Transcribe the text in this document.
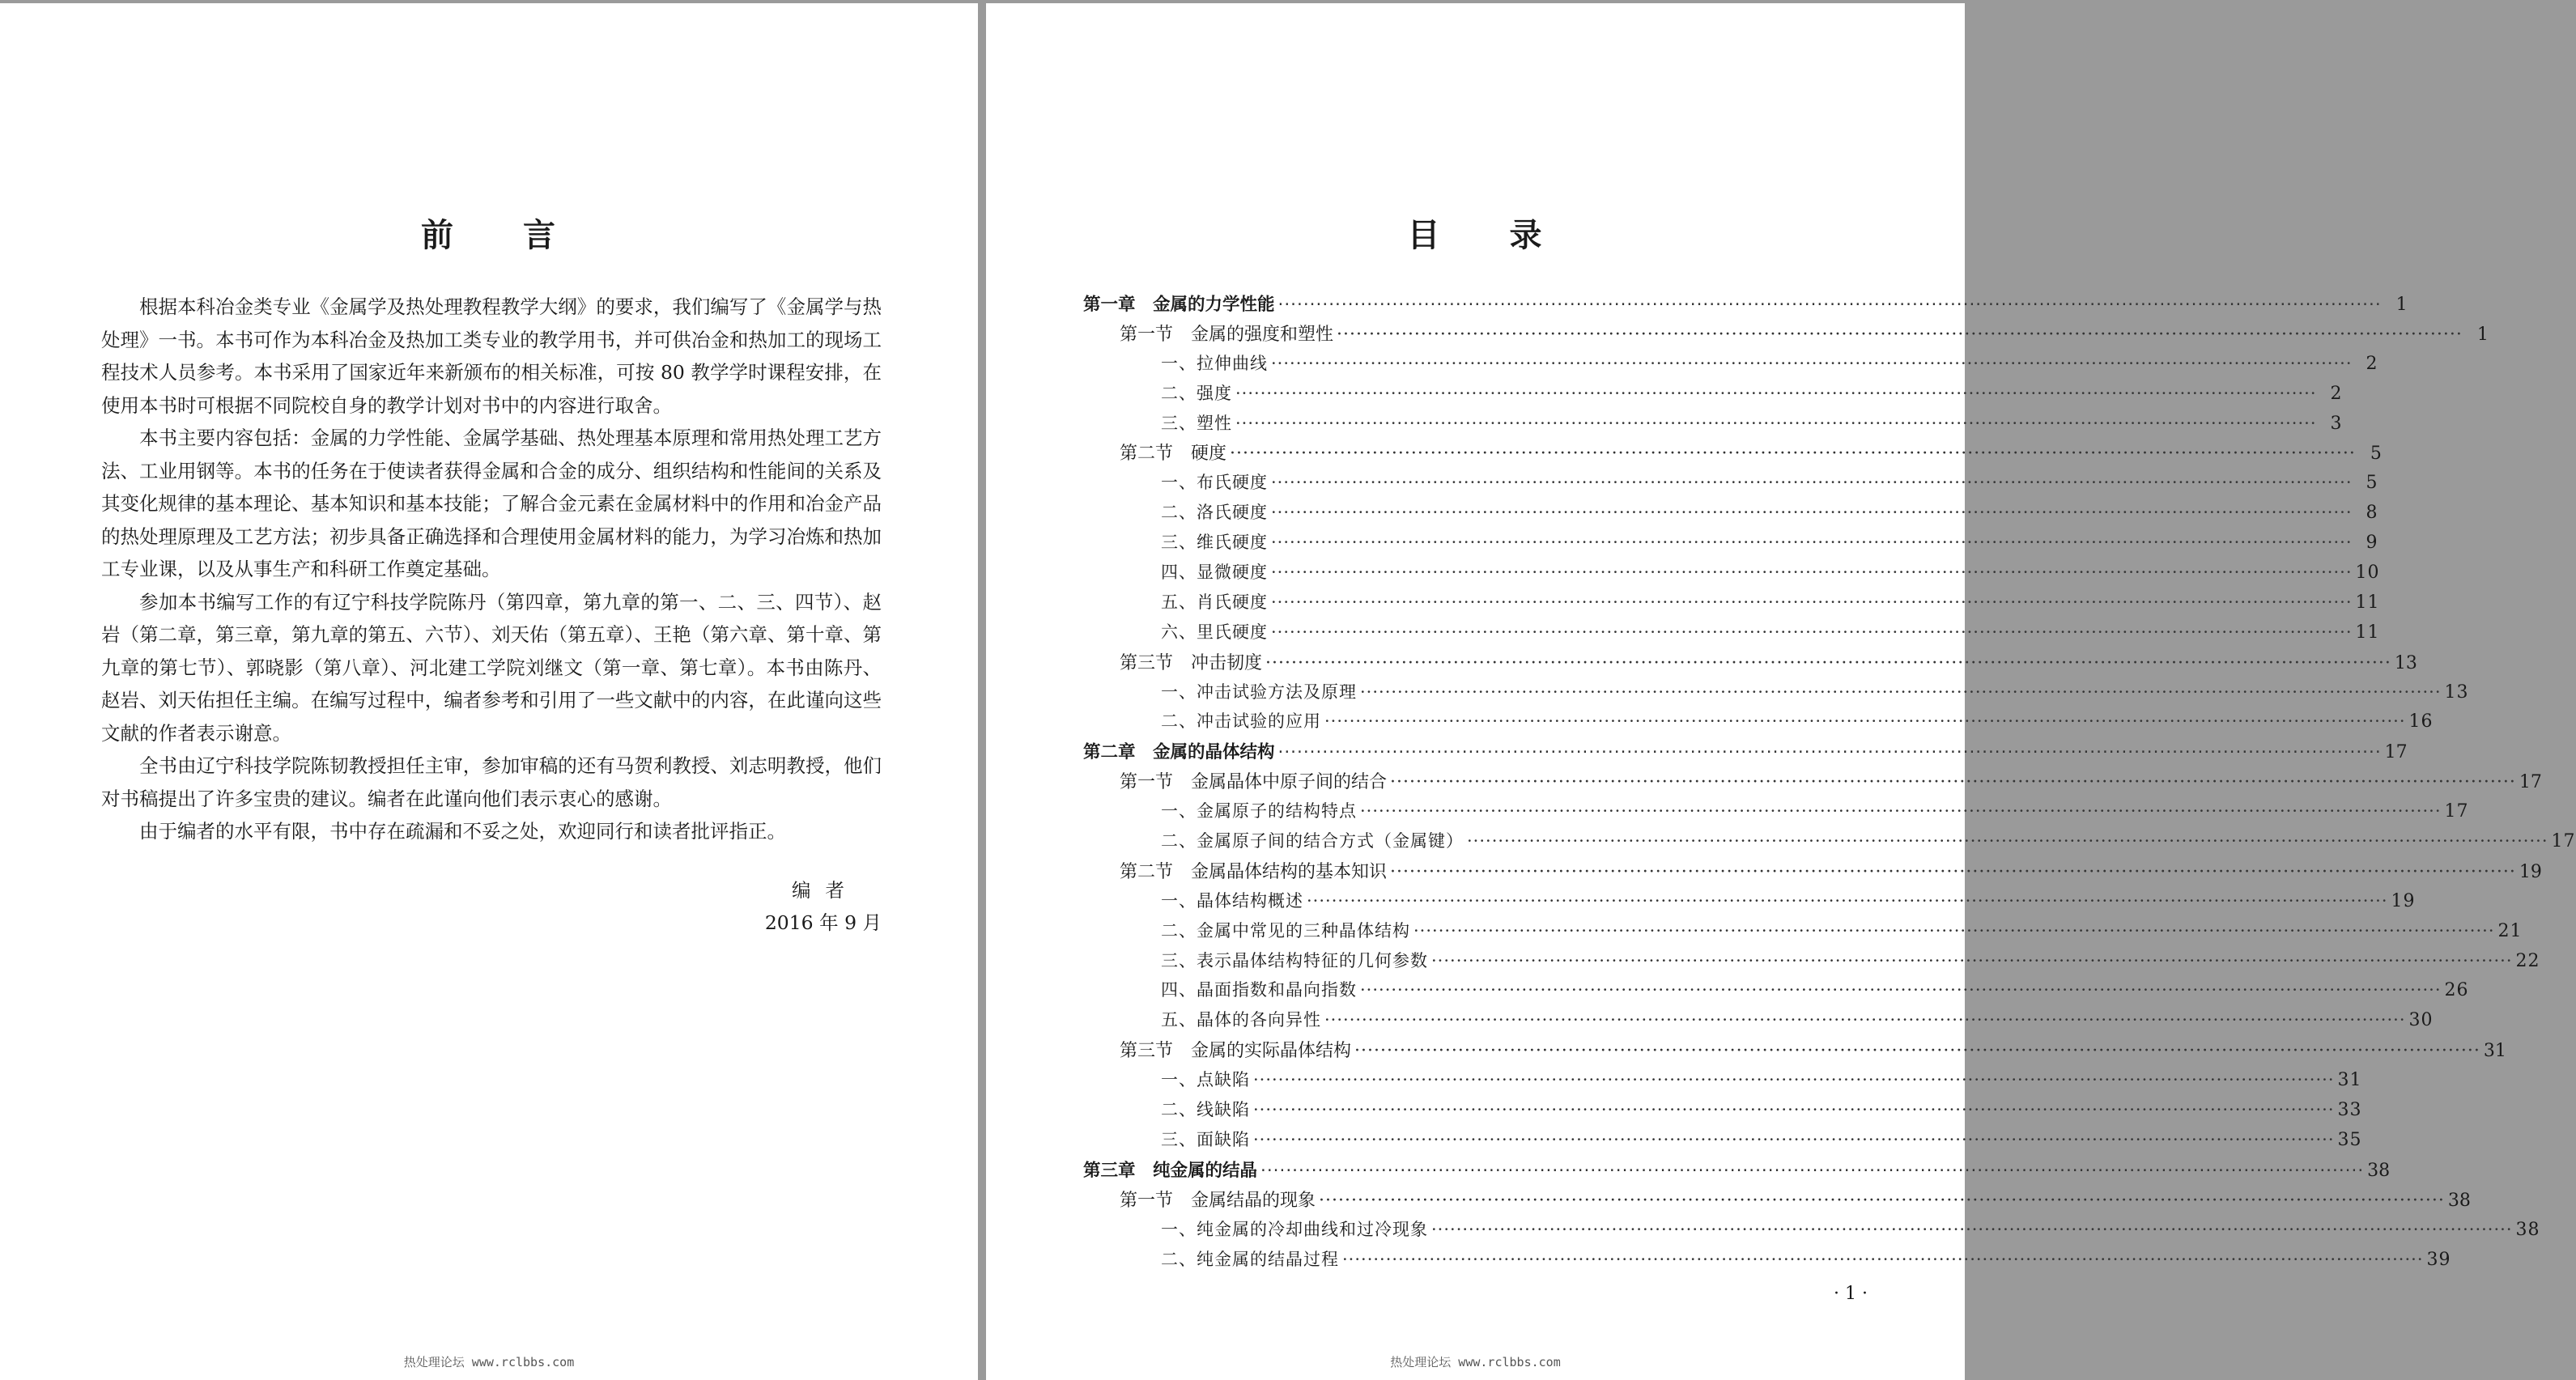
前　　言

根据本科冶金类专业《金属学及热处理教程教学大纲》的要求，我们编写了《金属学与热处理》一书。本书可作为本科冶金及热加工类专业的教学用书，并可供冶金和热加工的现场工程技术人员参考。本书采用了国家近年来新颁布的相关标准，可按 80 教学学时课程安排，在使用本书时可根据不同院校自身的教学计划对书中的内容进行取舍。

本书主要内容包括：金属的力学性能、金属学基础、热处理基本原理和常用热处理工艺方法、工业用钢等。本书的任务在于使读者获得金属和合金的成分、组织结构和性能间的关系及其变化规律的基本理论、基本知识和基本技能；了解合金元素在金属材料中的作用和冶金产品的热处理原理及工艺方法；初步具备正确选择和合理使用金属材料的能力，为学习冶炼和热加工专业课，以及从事生产和科研工作奠定基础。

参加本书编写工作的有辽宁科技学院陈丹（第四章，第九章的第一、二、三、四节）、赵岩（第二章，第三章，第九章的第五、六节）、刘天佑（第五章）、王艳（第六章、第十章、第九章的第七节）、郭晓影（第八章）、河北建工学院刘继文（第一章、第七章）。本书由陈丹、赵岩、刘天佑担任主编。在编写过程中，编者参考和引用了一些文献中的内容，在此谨向这些文献的作者表示谢意。

全书由辽宁科技学院陈韧教授担任主审，参加审稿的还有马贺利教授、刘志明教授，他们对书稿提出了许多宝贵的建议。编者在此谨向他们表示衷心的感谢。

由于编者的水平有限，书中存在疏漏和不妥之处，欢迎同行和读者批评指正。

编者
2016 年 9 月
热处理论坛 www.rclbbs.com
目　　录
第一章　金属的力学性能 ·····	1
第一节　金属的强度和塑性 ·····	1
一、拉伸曲线 ·····	2
二、强度 ·····	2
三、塑性 ·····	3
第二节　硬度 ·····	5
一、布氏硬度 ·····	5
二、洛氏硬度 ·····	8
三、维氏硬度 ·····	9
四、显微硬度 ·····	10
五、肖氏硬度 ·····	11
六、里氏硬度 ·····	11
第三节　冲击韧度 ·····	13
一、冲击试验方法及原理 ·····	13
二、冲击试验的应用 ·····	16
第二章　金属的晶体结构 ·····	17
第一节　金属晶体中原子间的结合 ·····	17
一、金属原子的结构特点 ·····	17
二、金属原子间的结合方式（金属键） ·····	17
第二节　金属晶体结构的基本知识 ·····	19
一、晶体结构概述 ·····	19
二、金属中常见的三种晶体结构 ·····	21
三、表示晶体结构特征的几何参数 ·····	22
四、晶面指数和晶向指数 ·····	26
五、晶体的各向异性 ·····	30
第三节　金属的实际晶体结构 ·····	31
一、点缺陷 ·····	31
二、线缺陷 ·····	33
三、面缺陷 ·····	35
第三章　纯金属的结晶 ·····	38
第一节　金属结晶的现象 ·····	38
一、纯金属的冷却曲线和过冷现象 ·····	38
二、纯金属的结晶过程 ·····	39
· 1 ·
热处理论坛 www.rclbbs.com
